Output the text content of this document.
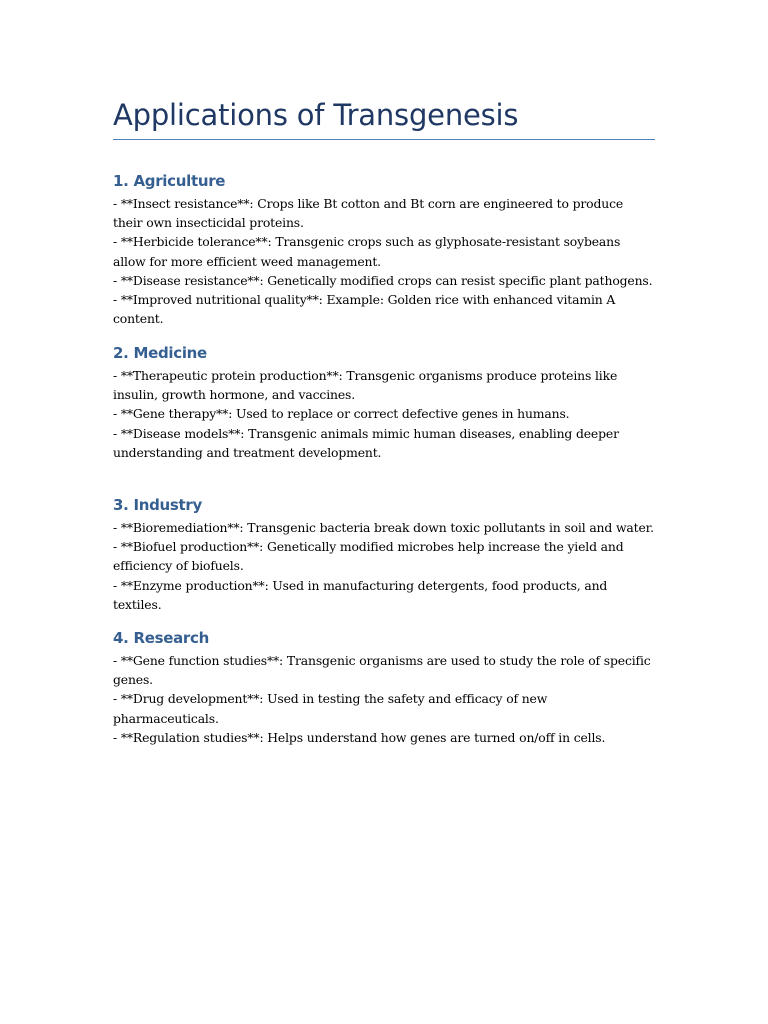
Applications of Transgenesis
1. Agriculture

- **Insect resistance**: Crops like Bt cotton and Bt corn are engineered to produce their own insecticidal proteins.

- **Herbicide tolerance**: Transgenic crops such as glyphosate-resistant soybeans allow for more efficient weed management.

- **Disease resistance**: Genetically modified crops can resist specific plant pathogens.

- **Improved nutritional quality**: Example: Golden rice with enhanced vitamin A content.

2. Medicine

- **Therapeutic protein production**: Transgenic organisms produce proteins like insulin, growth hormone, and vaccines.

- **Gene therapy**: Used to replace or correct defective genes in humans.

- **Disease models**: Transgenic animals mimic human diseases, enabling deeper understanding and treatment development.

3. Industry

- **Bioremediation**: Transgenic bacteria break down toxic pollutants in soil and water.

- **Biofuel production**: Genetically modified microbes help increase the yield and efficiency of biofuels.

- **Enzyme production**: Used in manufacturing detergents, food products, and textiles.

4. Research

- **Gene function studies**: Transgenic organisms are used to study the role of specific genes.

- **Drug development**: Used in testing the safety and efficacy of new pharmaceuticals.

- **Regulation studies**: Helps understand how genes are turned on/off in cells.
